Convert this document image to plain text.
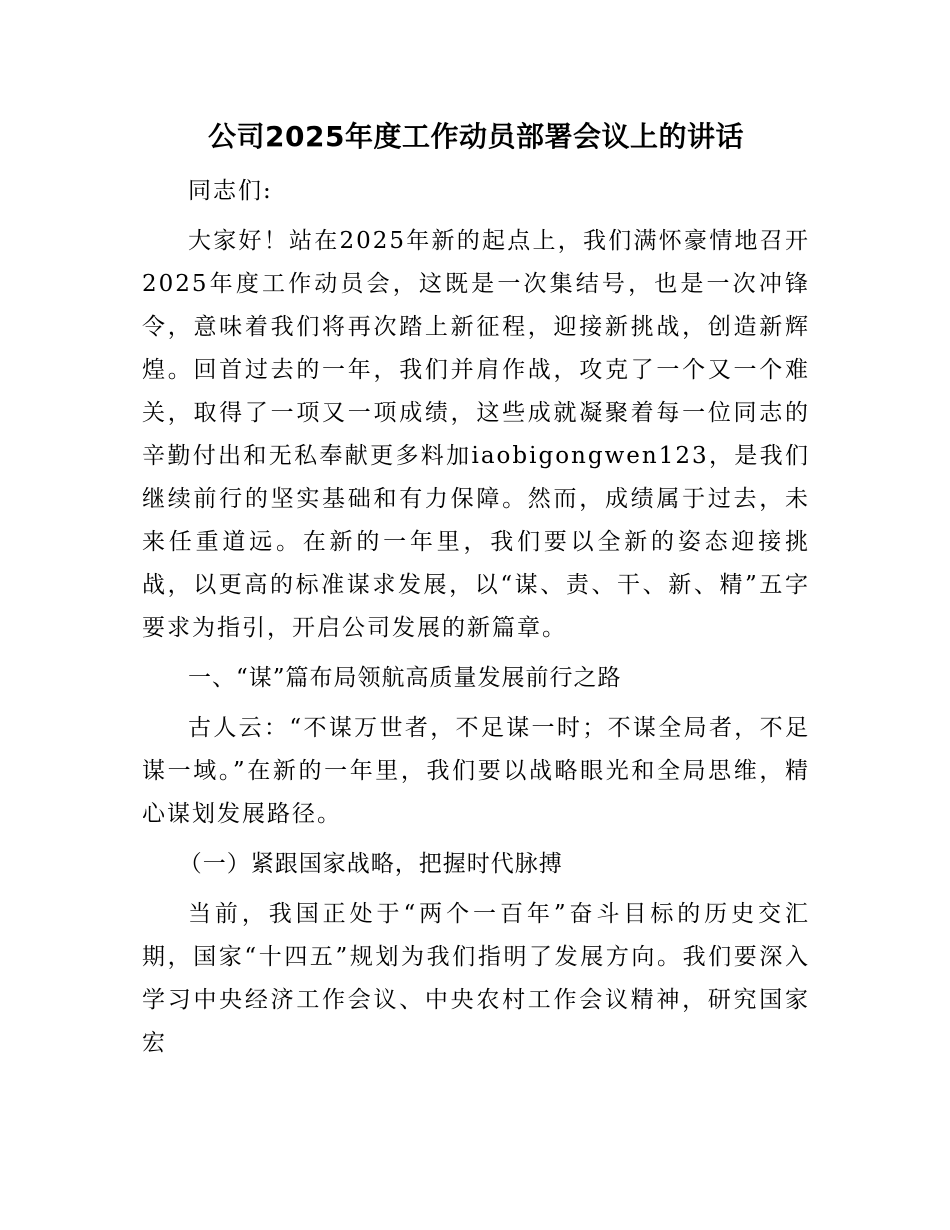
公司2025年度工作动员部署会议上的讲话

同志们:

大家好！站在2025年新的起点上，我们满怀豪情地召开2025年度工作动员会，这既是一次集结号，也是一次冲锋令，意味着我们将再次踏上新征程，迎接新挑战，创造新辉煌。回首过去的一年，我们并肩作战，攻克了一个又一个难关，取得了一项又一项成绩，这些成就凝聚着每一位同志的辛勤付出和无私奉献更多料加iaobigongwen123，是我们继续前行的坚实基础和有力保障。然而，成绩属于过去，未来任重道远。在新的一年里，我们要以全新的姿态迎接挑战，以更高的标准谋求发展，以“谋、责、干、新、精”五字要求为指引，开启公司发展的新篇章。

一、“谋”篇布局领航高质量发展前行之路

古人云：“不谋万世者，不足谋一时；不谋全局者，不足谋一域。”在新的一年里，我们要以战略眼光和全局思维，精心谋划发展路径。

（一）紧跟国家战略，把握时代脉搏

当前，我国正处于“两个一百年”奋斗目标的历史交汇期，国家“十四五”规划为我们指明了发展方向。我们要深入学习中央经济工作会议、中央农村工作会议精神，研究国家宏
